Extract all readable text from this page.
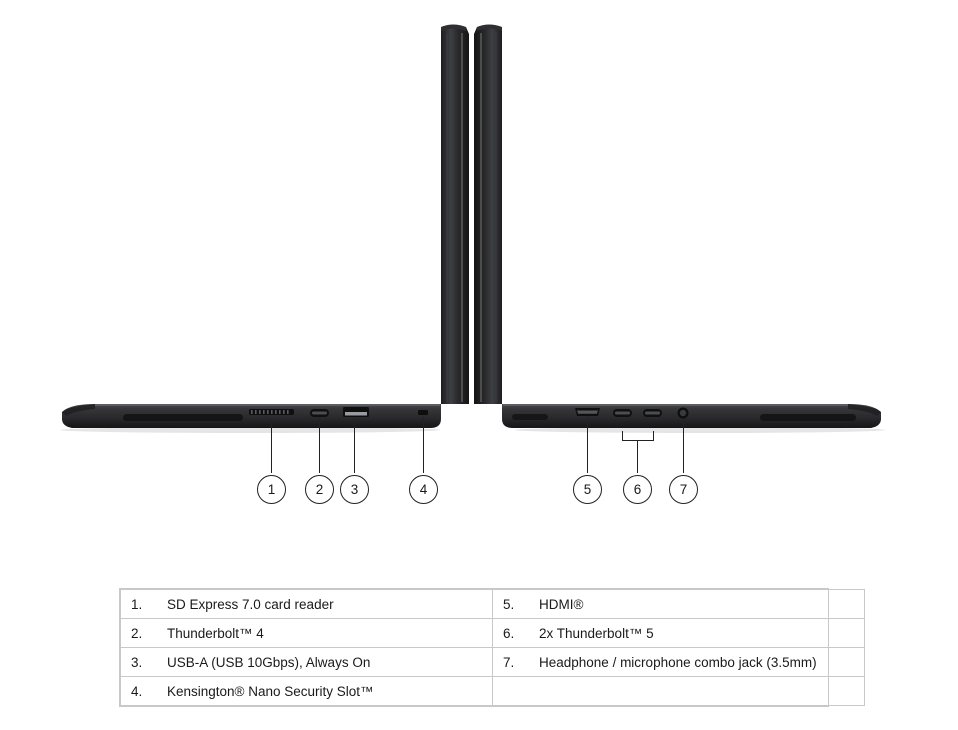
1	2	3	4	5	6	7
1.	SD Express 7.0 card reader	5.	HDMI®
2.	Thunderbolt™ 4	6.	2x Thunderbolt™ 5
3.	USB-A (USB 10Gbps), Always On	7.	Headphone / microphone combo jack (3.5mm)
4.	Kensington® Nano Security Slot™		
